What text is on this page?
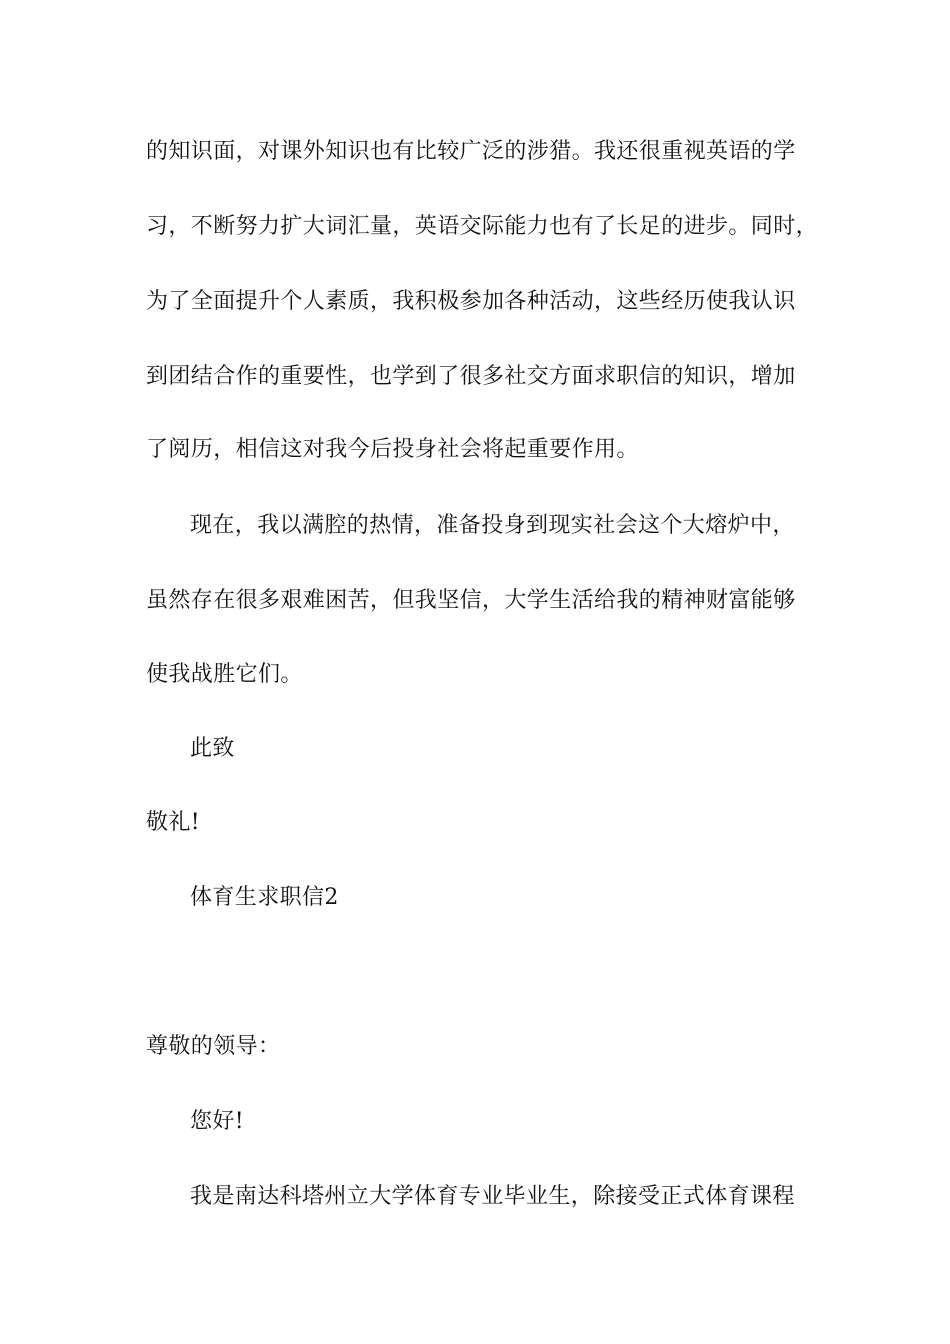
的知识面，对课外知识也有比较广泛的涉猎。我还很重视英语的学
习，不断努力扩大词汇量，英语交际能力也有了长足的进步。同时，
为了全面提升个人素质，我积极参加各种活动，这些经历使我认识
到团结合作的重要性，也学到了很多社交方面求职信的知识，增加
了阅历，相信这对我今后投身社会将起重要作用。
现在，我以满腔的热情，准备投身到现实社会这个大熔炉中，
虽然存在很多艰难困苦，但我坚信，大学生活给我的精神财富能够
使我战胜它们。
此致
敬礼!
体育生求职信2
尊敬的领导：
您好!
我是南达科塔州立大学体育专业毕业生，除接受正式体育课程
